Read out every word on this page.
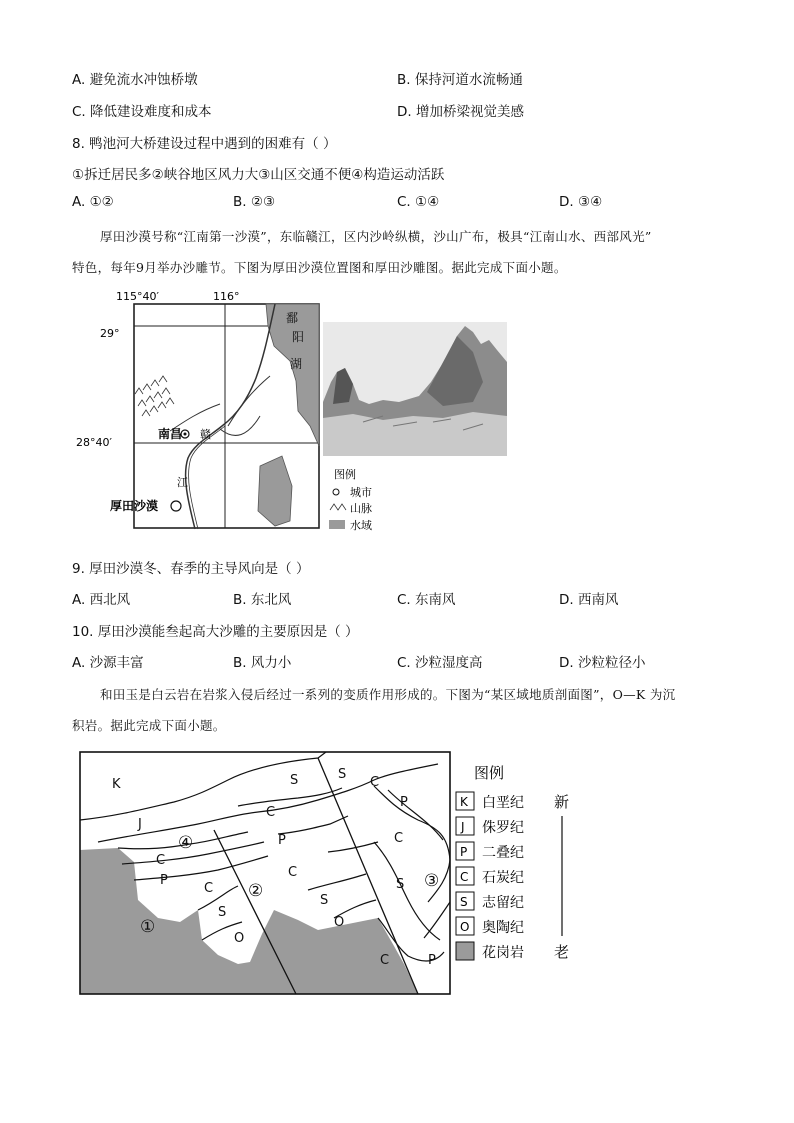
A. 避免流水冲蚀桥墩	B. 保持河道水流畅通
C. 降低建设难度和成本	D. 增加桥梁视觉美感
8. 鸭池河大桥建设过程中遇到的困难有（ ）
①拆迁居民多②峡谷地区风力大③山区交通不便④构造运动活跃
A. ①②	B. ②③	C. ①④	D. ③④
厚田沙漠号称“江南第一沙漠”，东临赣江，区内沙岭纵横，沙山广布，极具“江南山水、西部风光”
特色，每年9月举办沙雕节。下图为厚田沙漠位置图和厚田沙雕图。据此完成下面小题。
115°40′	116°
29°
28°40′
鄱
阳
湖
南昌 赣
江
厚田沙漠
图例
城市
山脉
水域
9. 厚田沙漠冬、春季的主导风向是（ ）
A. 西北风	B. 东北风	C. 东南风	D. 西南风
10. 厚田沙漠能叁起高大沙雕的主要原因是（ ）
A. 沙源丰富	B. 风力小	C. 沙粒湿度高	D. 沙粒粒径小
和田玉是白云岩在岩浆入侵后经过一系列的变质作用形成的。下图为“某区域地质剖面图”，O—K 为沉
积岩。据此完成下面小题。
K
J
C
P
C
S
O
S
C
P
C
S
O
S
C
P
C
S
C	P
①
②	③
④
图例
K 白垩纪
J 侏罗纪
P 二叠纪
C 石炭纪
S 志留纪
O 奥陶纪
花岗岩
新
老
